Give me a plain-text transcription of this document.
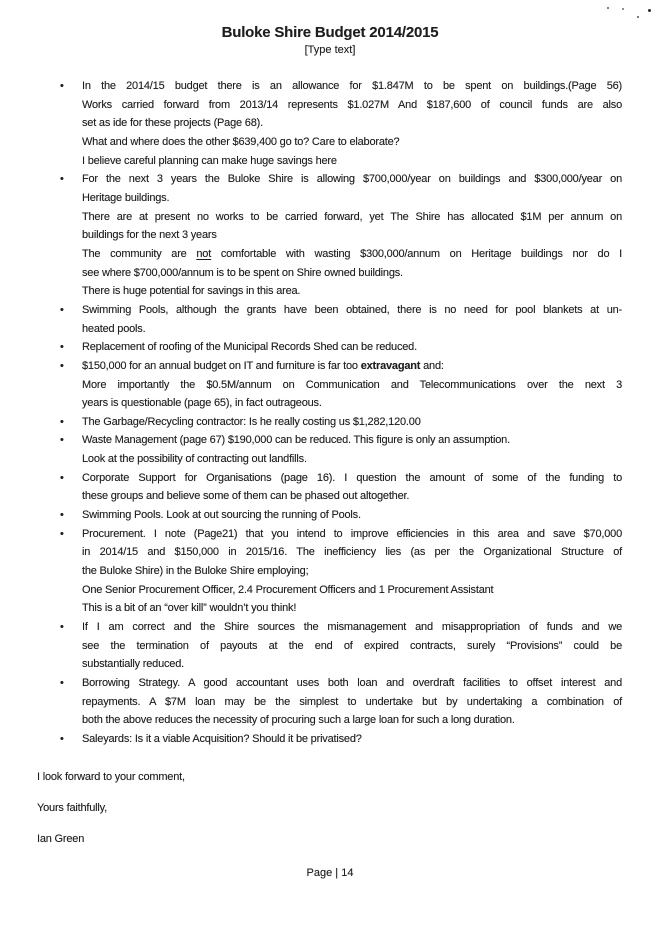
Buloke Shire Budget 2014/2015
[Type text]
•	In the 2014/15 budget there is an allowance for $1.847M to be spent on buildings.(Page 56)
Works carried forward from 2013/14 represents $1.027M And $187,600 of council funds are also
set as ide for these projects (Page 68).
What and where does the other $639,400 go to? Care to elaborate?
I believe careful planning can make huge savings here
•	For the next 3 years the Buloke Shire is allowing $700,000/year on buildings and $300,000/year on
Heritage buildings.
There are at present no works to be carried forward, yet The Shire has allocated $1M per annum on
buildings for the next 3 years
The community are not comfortable with wasting $300,000/annum on Heritage buildings nor do I
see where $700,000/annum is to be spent on Shire owned buildings.
There is huge potential for savings in this area.
•	Swimming Pools, although the grants have been obtained, there is no need for pool blankets at un-
heated pools.
•	Replacement of roofing of the Municipal Records Shed can be reduced.
•	$150,000 for an annual budget on IT and furniture is far too extravagant and:
More importantly the $0.5M/annum on Communication and Telecommunications over the next 3
years is questionable (page 65), in fact outrageous.
•	The Garbage/Recycling contractor: Is he really costing us $1,282,120.00
•	Waste Management (page 67) $190,000 can be reduced. This figure is only an assumption.
Look at the possibility of contracting out landfills.
•	Corporate Support for Organisations (page 16). I question the amount of some of the funding to
these groups and believe some of them can be phased out altogether.
•	Swimming Pools. Look at out sourcing the running of Pools.
•	Procurement. I note (Page21) that you intend to improve efficiencies in this area and save $70,000
in 2014/15 and $150,000 in 2015/16. The inefficiency lies (as per the Organizational Structure of
the Buloke Shire) in the Buloke Shire employing;
One Senior Procurement Officer, 2.4 Procurement Officers and 1 Procurement Assistant
This is a bit of an “over kill” wouldn’t you think!
•	If I am correct and the Shire sources the mismanagement and misappropriation of funds and we
see the termination of payouts at the end of expired contracts, surely “Provisions” could be
substantially reduced.
•	Borrowing Strategy. A good accountant uses both loan and overdraft facilities to offset interest and
repayments. A $7M loan may be the simplest to undertake but by undertaking a combination of
both the above reduces the necessity of procuring such a large loan for such a long duration.
•	Saleyards: Is it a viable Acquisition? Should it be privatised?
I look forward to your comment,
Yours faithfully,
Ian Green
Page | 14
